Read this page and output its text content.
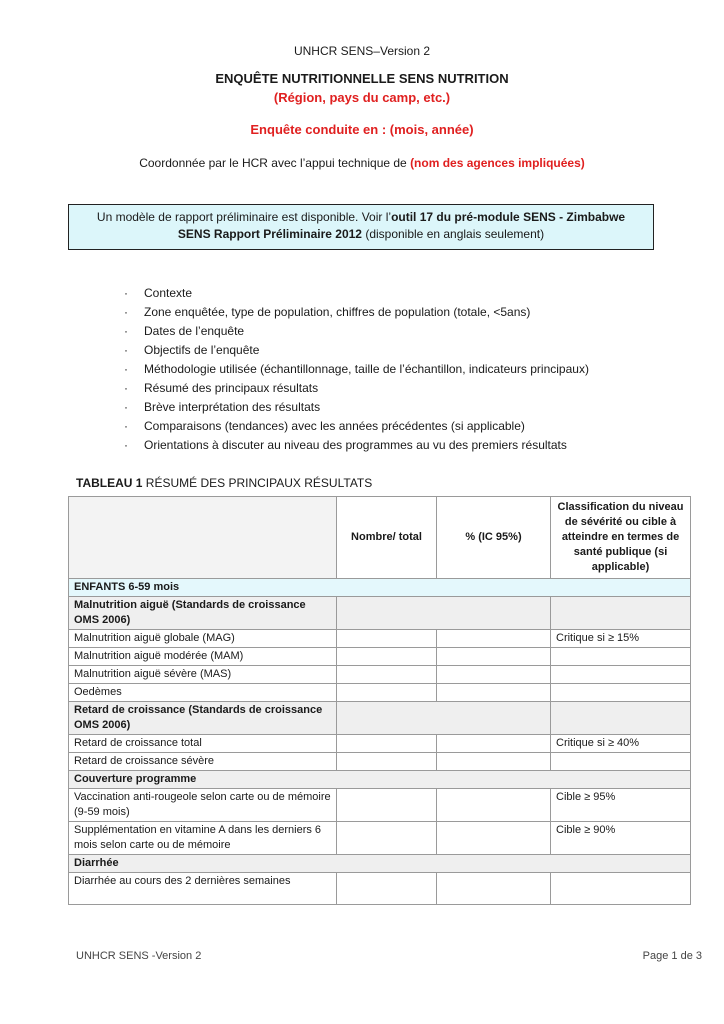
UNHCR SENS–Version 2
ENQUÊTE NUTRITIONNELLE SENS NUTRITION
(Région, pays du camp, etc.)
Enquête conduite en : (mois, année)
Coordonnée par le HCR avec l’appui technique de (nom des agences impliquées)
Un modèle de rapport préliminaire est disponible. Voir l’outil 17 du pré-module SENS - Zimbabwe SENS Rapport Préliminaire 2012 (disponible en anglais seulement)
· Contexte
· Zone enquêtée, type de population, chiffres de population (totale, <5ans)
· Dates de l’enquête
· Objectifs de l’enquête
· Méthodologie utilisée (échantillonnage, taille de l’échantillon, indicateurs principaux)
· Résumé des principaux résultats
· Brève interprétation des résultats
· Comparaisons (tendances) avec les années précédentes (si applicable)
· Orientations à discuter au niveau des programmes au vu des premiers résultats
TABLEAU 1 RÉSUMÉ DES PRINCIPAUX RÉSULTATS
	Nombre/ total	% (IC 95%)	Classification du niveau de sévérité ou cible à atteindre en termes de santé publique (si applicable)
ENFANTS 6-59 mois			
Malnutrition aiguë (Standards de croissance OMS 2006)			
Malnutrition aiguë globale (MAG)			Critique si ≥ 15%
Malnutrition aiguë modérée (MAM)			
Malnutrition aiguë sévère (MAS)			
Oedèmes			
Retard de croissance (Standards de croissance OMS 2006)			
Retard de croissance total			Critique si ≥ 40%
Retard de croissance sévère			
Couverture programme			
Vaccination anti-rougeole selon carte ou de mémoire (9-59 mois)			Cible ≥ 95%
Supplémentation en vitamine A dans les derniers 6 mois selon carte ou de mémoire			Cible ≥ 90%
Diarrhée			
Diarrhée au cours des 2 dernières semaines			
UNHCR SENS -Version 2	Page 1 de 3
